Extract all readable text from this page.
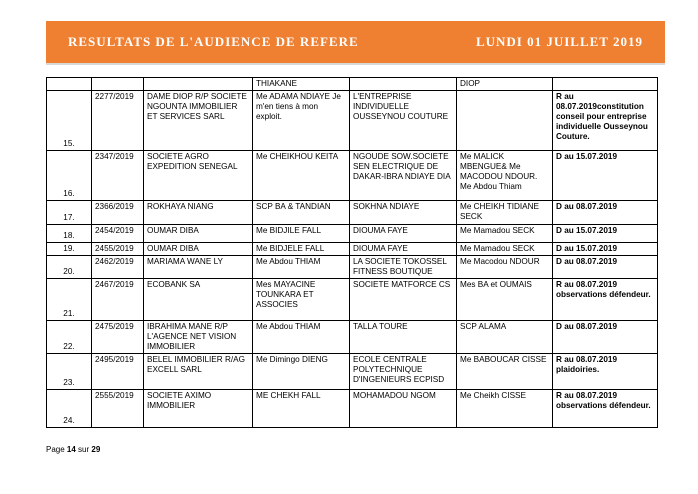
RESULTATS DE L'AUDIENCE DE REFERE	LUNDI 01 JUILLET 2019
			THIAKANE		DIOP	
15.	2277/2019	DAME DIOP R/P SOCIETE NGOUNTA IMMOBILIER ET SERVICES SARL	Me ADAMA NDIAYE Je m'en tiens à mon exploit.	L'ENTREPRISE INDIVIDUELLE OUSSEYNOU COUTURE		R au 08.07.2019constitution conseil pour entreprise individuelle Ousseynou Couture.
16.	2347/2019	SOCIETE AGRO EXPEDITION SENEGAL	Me CHEIKHOU KEITA	NGOUDE SOW.SOCIETE SEN ELECTRIQUE DE DAKAR-IBRA NDIAYE DIA	Me MALICK MBENGUE& Me MACODOU NDOUR. Me Abdou Thiam	D au 15.07.2019
17.	2366/2019	ROKHAYA NIANG	SCP BA & TANDIAN	SOKHNA NDIAYE	Me CHEIKH TIDIANE SECK	D au 08.07.2019
18.	2454/2019	OUMAR DIBA	Me BIDJILE FALL	DIOUMA FAYE	Me Mamadou SECK	D au 15.07.2019
19.	2455/2019	OUMAR DIBA	Me BIDJELE FALL	DIOUMA FAYE	Me Mamadou SECK	D au 15.07.2019
20.	2462/2019	MARIAMA WANE LY	Me Abdou THIAM	LA SOCIETE TOKOSSEL FITNESS BOUTIQUE	Me Macodou NDOUR	D au 08.07.2019
21.	2467/2019	ECOBANK SA	Mes MAYACINE TOUNKARA ET ASSOCIES	SOCIETE MATFORCE CS	Mes BA et OUMAIS	R au 08.07.2019 observations défendeur.
22.	2475/2019	IBRAHIMA MANE R/P L'AGENCE NET VISION IMMOBILIER	Me Abdou THIAM	TALLA TOURE	SCP ALAMA	D au 08.07.2019
23.	2495/2019	BELEL IMMOBILIER R/AG EXCELL SARL	Me Dimingo DIENG	ECOLE CENTRALE POLYTECHNIQUE D'INGENIEURS ECPISD	Me BABOUCAR CISSE	R au 08.07.2019 plaidoiries.
24.	2555/2019	SOCIETE AXIMO IMMOBILIER	ME CHEKH FALL	MOHAMADOU NGOM	Me Cheikh CISSE	R au 08.07.2019 observations défendeur.
Page 14 sur 29
